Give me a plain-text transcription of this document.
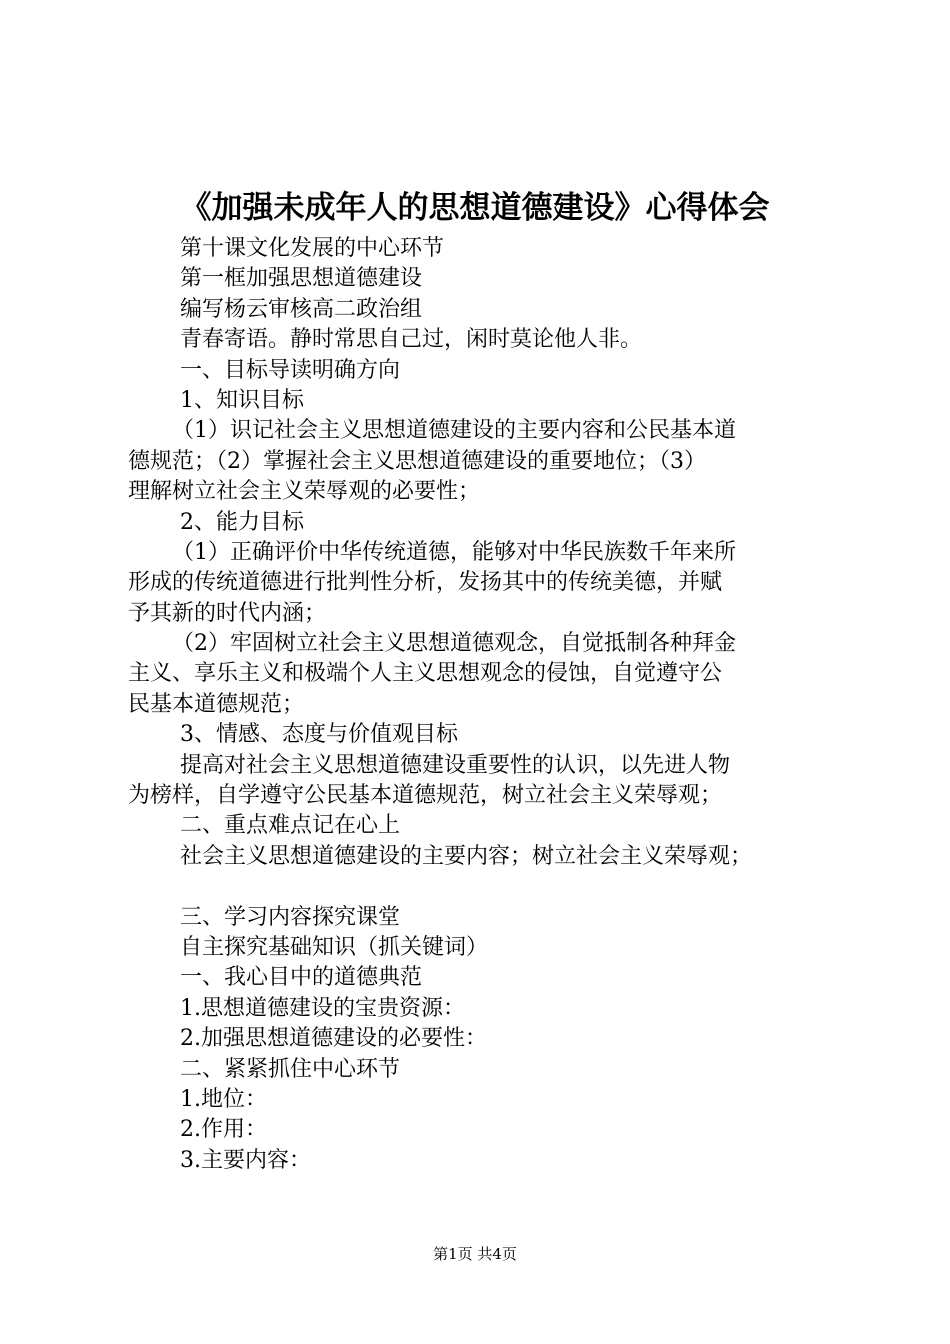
《加强未成年人的思想道德建设》心得体会
第十课文化发展的中心环节
第一框加强思想道德建设
编写杨云审核高二政治组
青春寄语。静时常思自己过，闲时莫论他人非。
一、目标导读明确方向
1、知识目标
（1）识记社会主义思想道德建设的主要内容和公民基本道
德规范；（2）掌握社会主义思想道德建设的重要地位；（3）
理解树立社会主义荣辱观的必要性；
2、能力目标
（1）正确评价中华传统道德，能够对中华民族数千年来所
形成的传统道德进行批判性分析，发扬其中的传统美德，并赋
予其新的时代内涵；
（2）牢固树立社会主义思想道德观念，自觉抵制各种拜金
主义、享乐主义和极端个人主义思想观念的侵蚀，自觉遵守公
民基本道德规范；
3、情感、态度与价值观目标
提高对社会主义思想道德建设重要性的认识，以先进人物
为榜样，自学遵守公民基本道德规范，树立社会主义荣辱观；
二、重点难点记在心上
社会主义思想道德建设的主要内容；树立社会主义荣辱观；
三、学习内容探究课堂
自主探究基础知识（抓关键词）
一、我心目中的道德典范
1.思想道德建设的宝贵资源：
2.加强思想道德建设的必要性：
二、紧紧抓住中心环节
1.地位：
2.作用：
3.主要内容：
第1页 共4页
